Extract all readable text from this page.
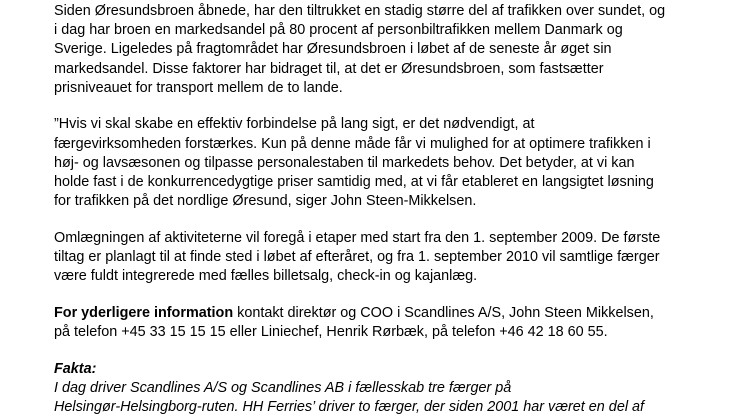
Siden Øresundsbroen åbnede, har den tiltrukket en stadig større del af trafikken over sundet, og
i dag har broen en markedsandel på 80 procent af personbiltrafikken mellem Danmark og
Sverige. Ligeledes på fragtområdet har Øresundsbroen i løbet af de seneste år øget sin
markedsandel. Disse faktorer har bidraget til, at det er Øresundsbroen, som fastsætter
prisniveauet for transport mellem de to lande.

”Hvis vi skal skabe en effektiv forbindelse på lang sigt, er det nødvendigt, at
færgevirksomheden forstærkes. Kun på denne måde får vi mulighed for at optimere trafikken i
høj- og lavsæsonen og tilpasse personalestaben til markedets behov. Det betyder, at vi kan
holde fast i de konkurrencedygtige priser samtidig med, at vi får etableret en langsigtet løsning
for trafikken på det nordlige Øresund, siger John Steen-Mikkelsen.

Omlægningen af aktiviteterne vil foregå i etaper med start fra den 1. september 2009. De første
tiltag er planlagt til at finde sted i løbet af efteråret, og fra 1. september 2010 vil samtlige færger
være fuldt integrerede med fælles billetsalg, check-in og kajanlæg.

For yderligere information kontakt direktør og COO i Scandlines A/S, John Steen Mikkelsen,
på telefon +45 33 15 15 15 eller Liniechef, Henrik Rørbæk, på telefon +46 42 18 60 55.

Fakta:
I dag driver Scandlines A/S og Scandlines AB i fællesskab tre færger på
Helsingør-Helsingborg-ruten. HH Ferries’ driver to færger, der siden 2001 har været en del af
